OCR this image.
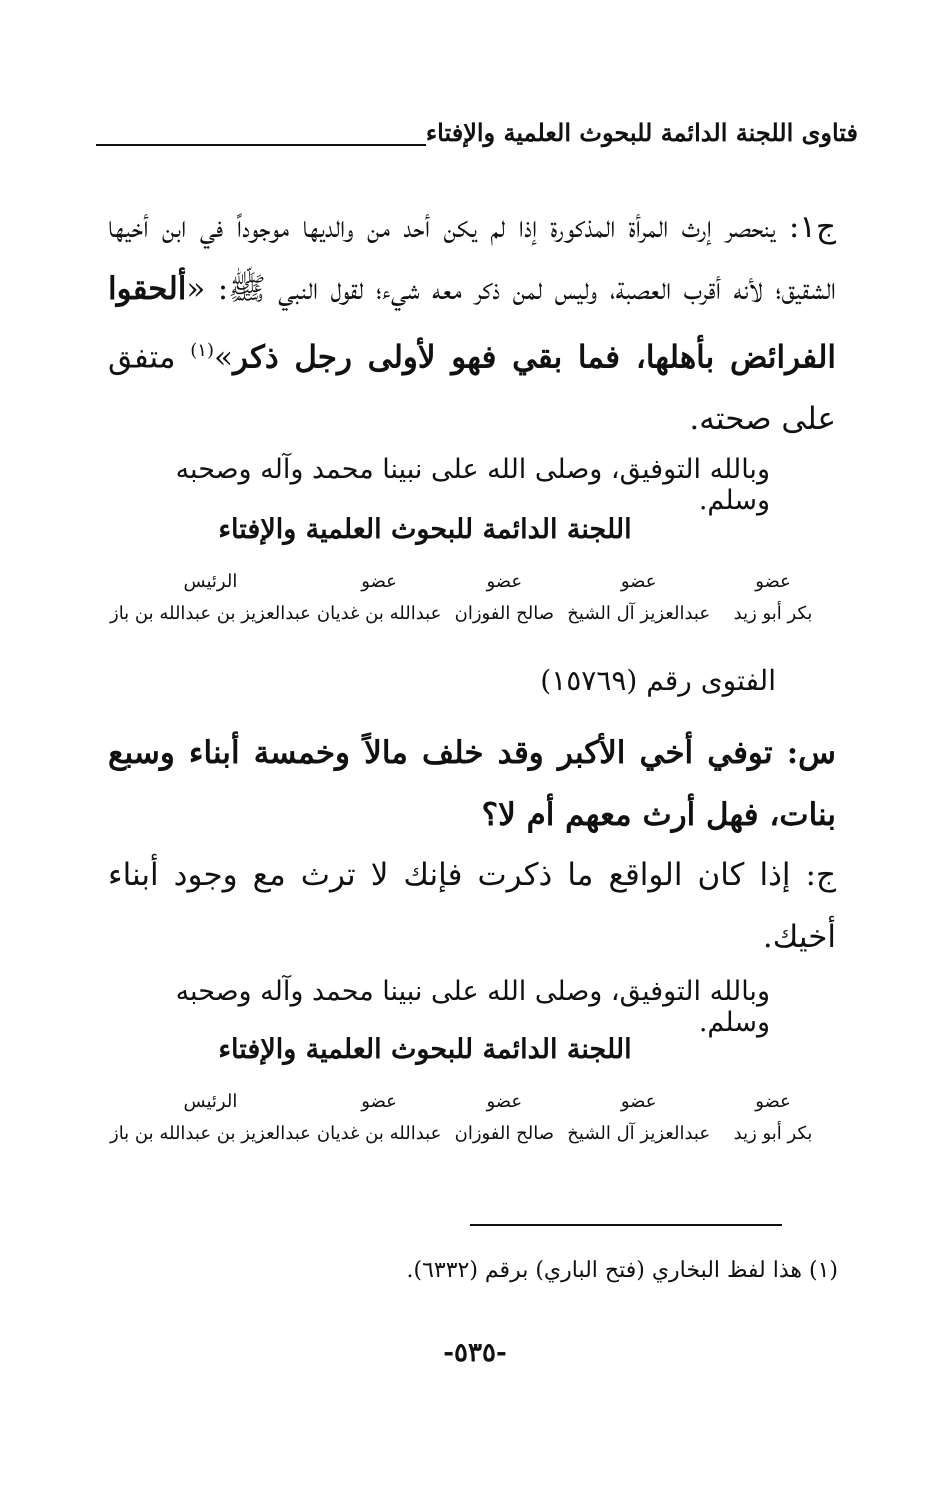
فتاوى اللجنة الدائمة للبحوث العلمية والإفتاء
ج١: ينحصر إرث المرأة المذكورة إذا لم يكن أحد من والديها موجوداً في ابن أخيها الشقيق؛ لأنه أقرب العصبة، وليس لمن ذكر معه شيء؛ لقول النبي ﷺ: «ألحقوا الفرائض بأهلها، فما بقي فهو لأولى رجل ذكر»$^{(١)}$ متفق على صحته.
وبالله التوفيق، وصلى الله على نبينا محمد وآله وصحبه وسلم.
اللجنة الدائمة للبحوث العلمية والإفتاء
عضو
بكر أبو زيد
عضو
عبدالعزيز آل الشيخ
عضو
صالح الفوزان
عضو
عبدالله بن غديان
الرئيس
عبدالعزيز بن عبدالله بن باز
الفتوى رقم (١٥٧٦٩)
س: توفي أخي الأكبر وقد خلف مالاً وخمسة أبناء وسبع بنات، فهل أرث معهم أم لا؟
ج: إذا كان الواقع ما ذكرت فإنك لا ترث مع وجود أبناء أخيك.
وبالله التوفيق، وصلى الله على نبينا محمد وآله وصحبه وسلم.
اللجنة الدائمة للبحوث العلمية والإفتاء
عضو
بكر أبو زيد
عضو
عبدالعزيز آل الشيخ
عضو
صالح الفوزان
عضو
عبدالله بن غديان
الرئيس
عبدالعزيز بن عبدالله بن باز
(١) هذا لفظ البخاري (فتح الباري) برقم (٦٣٣٢).
-٥٣٥-
